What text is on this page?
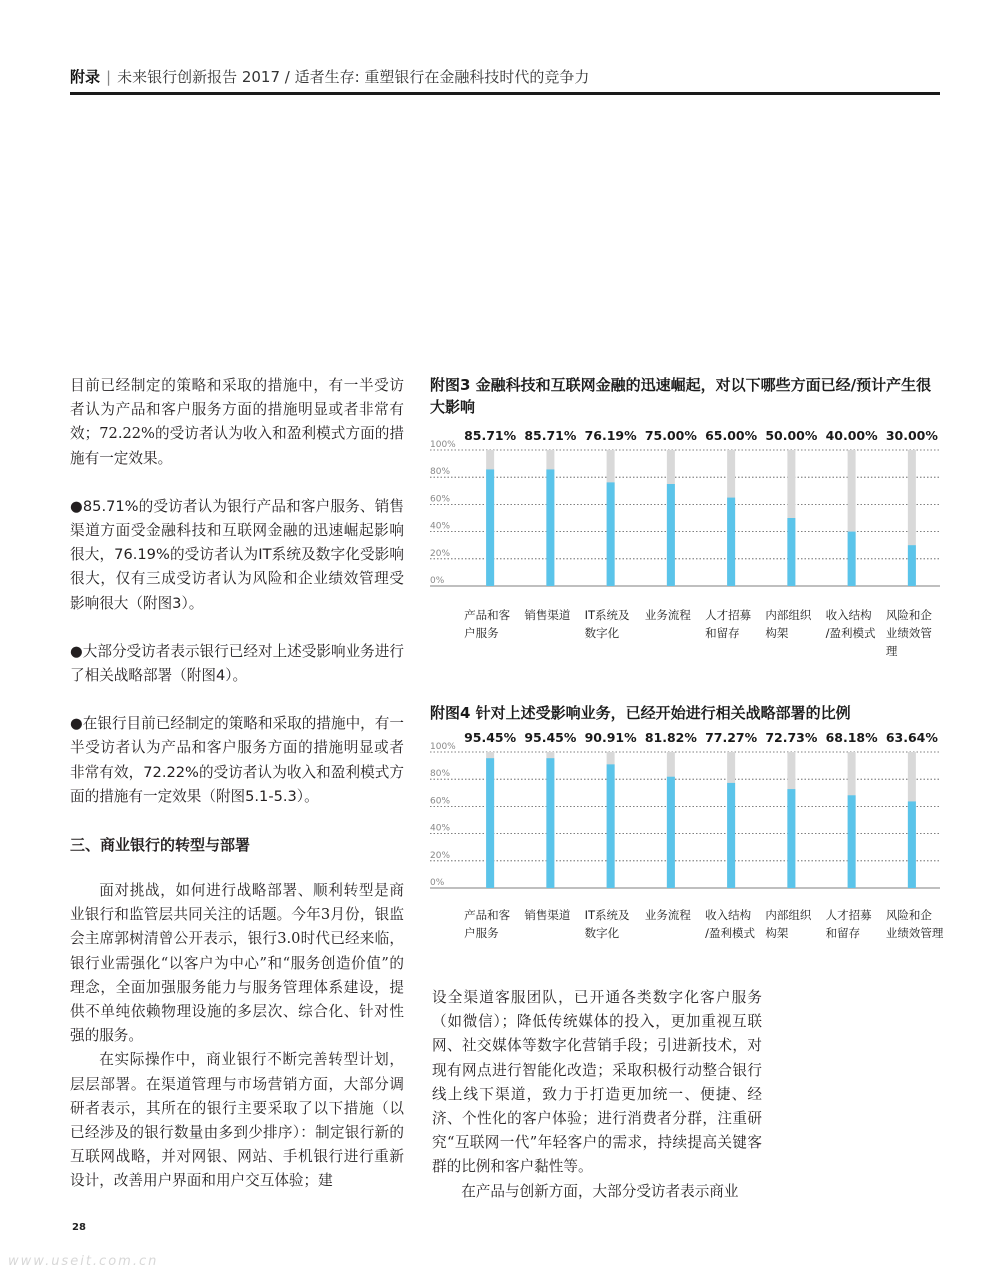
附录 | 未来银行创新报告 2017 / 适者生存: 重塑银行在金融科技时代的竞争力

目前已经制定的策略和采取的措施中，有一半受访者认为产品和客户服务方面的措施明显或者非常有效；72.22%的受访者认为收入和盈利模式方面的措施有一定效果。

●85.71%的受访者认为银行产品和客户服务、销售渠道方面受金融科技和互联网金融的迅速崛起影响很大，76.19%的受访者认为IT系统及数字化受影响很大，仅有三成受访者认为风险和企业绩效管理受影响很大（附图3）。

●大部分受访者表示银行已经对上述受影响业务进行了相关战略部署（附图4）。

●在银行目前已经制定的策略和采取的措施中，有一半受访者认为产品和客户服务方面的措施明显或者非常有效，72.22%的受访者认为收入和盈利模式方面的措施有一定效果（附图5.1-5.3）。

三、商业银行的转型与部署

面对挑战，如何进行战略部署、顺利转型是商业银行和监管层共同关注的话题。今年3月份，银监会主席郭树清曾公开表示，银行3.0时代已经来临，银行业需强化“以客户为中心”和“服务创造价值”的理念，全面加强服务能力与服务管理体系建设，提供不单纯依赖物理设施的多层次、综合化、针对性强的服务。

在实际操作中，商业银行不断完善转型计划，层层部署。在渠道管理与市场营销方面，大部分调研者表示，其所在的银行主要采取了以下措施（以已经涉及的银行数量由多到少排序）：制定银行新的互联网战略，并对网银、网站、手机银行进行重新设计，改善用户界面和用户交互体验；建

附图3 金融科技和互联网金融的迅速崛起，对以下哪些方面已经/预计产生很大影响
100%
80%
60%
40%
20%
0%
85.71% 85.71% 76.19% 75.00% 65.00% 50.00% 40.00% 30.00%
产品和客
户服务
销售渠道	IT系统及
数字化
业务流程	人才招募
和留存
内部组织
构架
收入结构
/盈利模式
风险和企
业绩效管
理
附图4 针对上述受影响业务，已经开始进行相关战略部署的比例
100%
80%
60%
40%
20%
0%
95.45% 95.45% 90.91% 81.82% 77.27% 72.73% 68.18% 63.64%
产品和客
户服务
销售渠道	IT系统及
数字化
业务流程	收入结构
/盈利模式
内部组织
构架
人才招募
和留存
风险和企
业绩效管理

设全渠道客服团队，已开通各类数字化客户服务（如微信）；降低传统媒体的投入，更加重视互联网、社交媒体等数字化营销手段；引进新技术，对现有网点进行智能化改造；采取积极行动整合银行线上线下渠道，致力于打造更加统一、便捷、经济、个性化的客户体验；进行消费者分群，注重研究“互联网一代”年轻客户的需求，持续提高关键客群的比例和客户黏性等。

在产品与创新方面，大部分受访者表示商业

28
www.useit.com.cn
